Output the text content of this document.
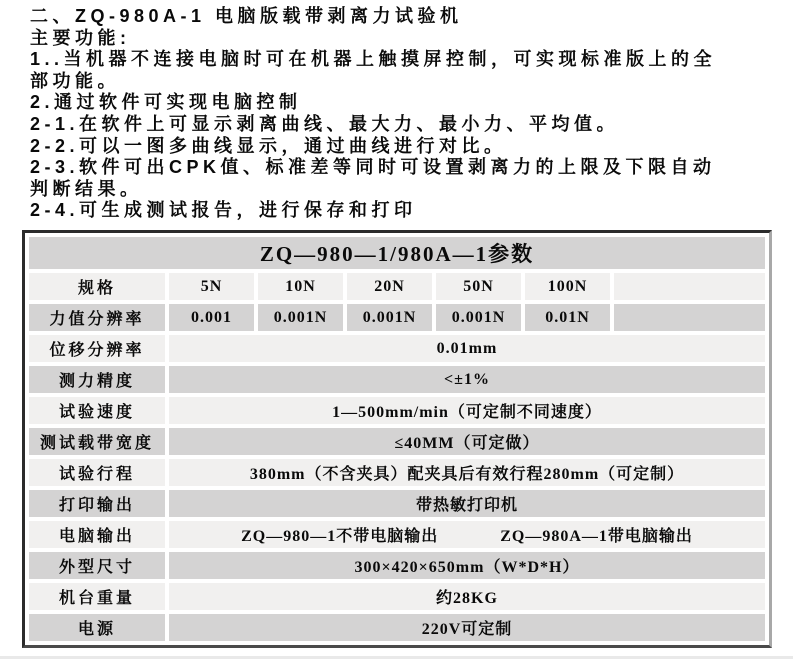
二、ZQ-980A-1 电脑版载带剥离力试验机
主要功能:
1..当机器不连接电脑时可在机器上触摸屏控制，可实现标准版上的全
部功能。
2.通过软件可实现电脑控制
2-1.在软件上可显示剥离曲线、最大力、最小力、平均值。
2-2.可以一图多曲线显示，通过曲线进行对比。
2-3.软件可出CPK值、标准差等同时可设置剥离力的上限及下限自动
判断结果。
2-4.可生成测试报告，进行保存和打印
ZQ—980—1/980A—1参数						
规格	5N	10N	20N	50N	100N	
力值分辨率	0.001	0.001N	0.001N	0.001N	0.01N	
位移分辨率	0.01mm					
测力精度	<±1%					
试验速度	1—500mm/min（可定制不同速度）					
测试载带宽度	≤40MM（可定做）					
试验行程	380mm（不含夹具）配夹具后有效行程280mm（可定制）					
打印输出	带热敏打印机					
电脑输出	ZQ—980—1不带电脑输出 ZQ—980A—1带电脑输出					

外型尺寸	300×420×650mm（W*D*H）					
机台重量	约28KG					
电源	220V可定制					
